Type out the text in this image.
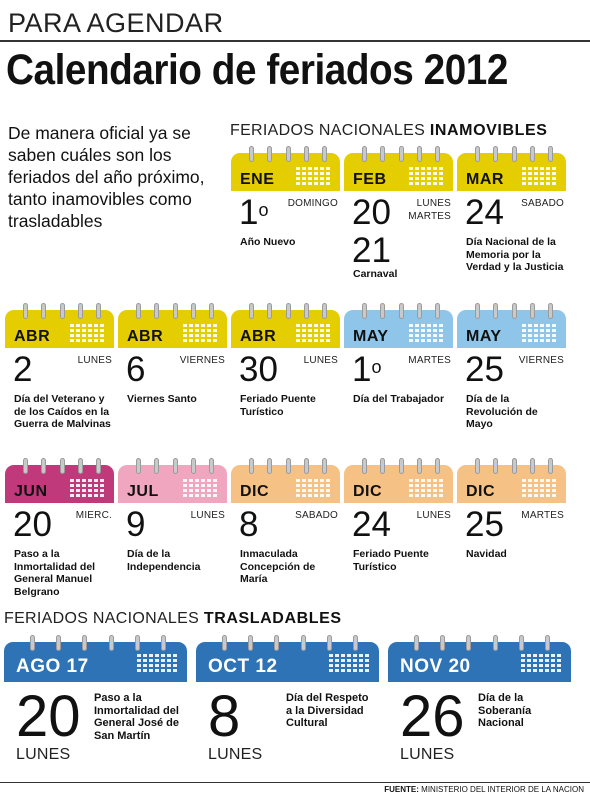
PARA AGENDAR
Calendario de feriados 2012
De manera oficial ya se saben cuáles son los feriados del año próximo, tanto inamovibles como trasladables
FERIADOS NACIONALES INAMOVIBLES
FERIADOS NACIONALES TRASLADABLES
ENE
1$^o$ DOMINGO
Año Nuevo
FEB
20	LUNES
MARTES
21
Carnaval
MAR
24 SABADO
Día Nacional de la Memoria por la Verdad y la Justicia
ABR
2	LUNES
Día del Veterano y de los Caídos en la Guerra de Malvinas
ABR
6	VIERNES
Viernes Santo
ABR
30	LUNES
Feriado Puente Turístico
MAY
1$^o$	MARTES
Día del Trabajador
MAY
25 VIERNES
Día de la Revolución de Mayo
JUN
20 MIERC.
Paso a la Inmortalidad del General Manuel Belgrano
JUL
9	LUNES
Día de la Independencia
DIC
8	SABADO
Inmaculada Concepción de María
DIC
24	LUNES
Feriado Puente Turístico
DIC
25 MARTES
Navidad
AGO 17
20
LUNES
Paso a la Inmortalidad del General José de San Martín
OCT 12
8
LUNES
Día del Respeto a la Diversidad Cultural
NOV 20
26
LUNES
Día de la Soberanía Nacional
FUENTE: MINISTERIO DEL INTERIOR DE LA NACION
